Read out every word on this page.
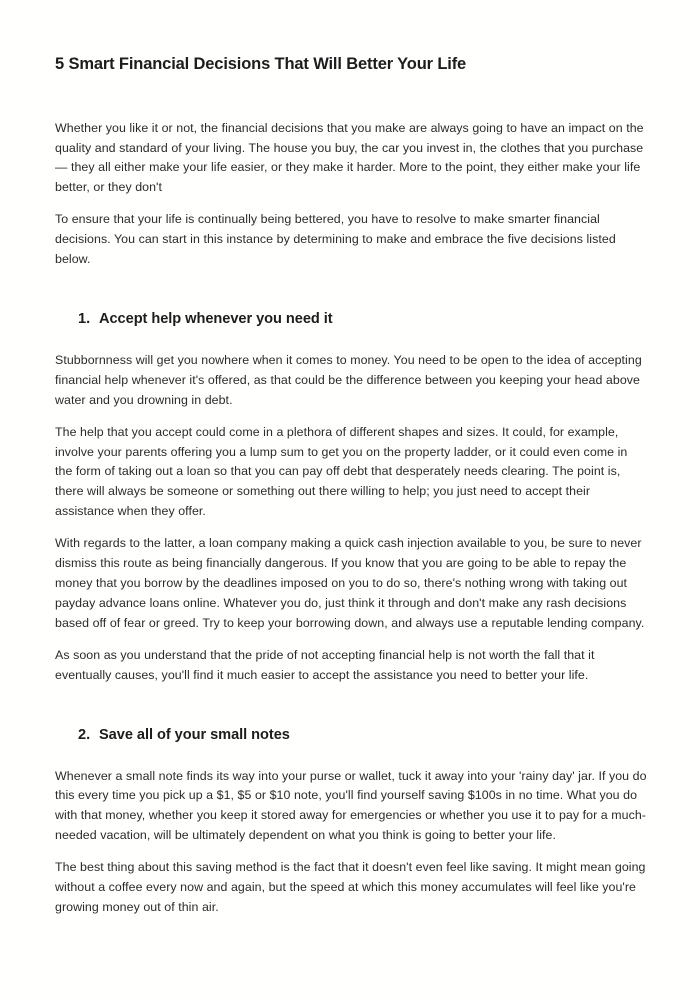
5 Smart Financial Decisions That Will Better Your Life

Whether you like it or not, the financial decisions that you make are always going to have an impact on the quality and standard of your living. The house you buy, the car you invest in, the clothes that you purchase — they all either make your life easier, or they make it harder. More to the point, they either make your life better, or they don't

To ensure that your life is continually being bettered, you have to resolve to make smarter financial decisions. You can start in this instance by determining to make and embrace the five decisions listed below.

1. Accept help whenever you need it

Stubbornness will get you nowhere when it comes to money. You need to be open to the idea of accepting financial help whenever it's offered, as that could be the difference between you keeping your head above water and you drowning in debt.

The help that you accept could come in a plethora of different shapes and sizes. It could, for example, involve your parents offering you a lump sum to get you on the property ladder, or it could even come in the form of taking out a loan so that you can pay off debt that desperately needs clearing. The point is, there will always be someone or something out there willing to help; you just need to accept their assistance when they offer.

With regards to the latter, a loan company making a quick cash injection available to you, be sure to never dismiss this route as being financially dangerous. If you know that you are going to be able to repay the money that you borrow by the deadlines imposed on you to do so, there's nothing wrong with taking out payday advance loans online. Whatever you do, just think it through and don't make any rash decisions based off of fear or greed. Try to keep your borrowing down, and always use a reputable lending company.

As soon as you understand that the pride of not accepting financial help is not worth the fall that it eventually causes, you'll find it much easier to accept the assistance you need to better your life.

2. Save all of your small notes

Whenever a small note finds its way into your purse or wallet, tuck it away into your 'rainy day' jar. If you do this every time you pick up a $1, $5 or $10 note, you'll find yourself saving $100s in no time. What you do with that money, whether you keep it stored away for emergencies or whether you use it to pay for a much-needed vacation, will be ultimately dependent on what you think is going to better your life.

The best thing about this saving method is the fact that it doesn't even feel like saving. It might mean going without a coffee every now and again, but the speed at which this money accumulates will feel like you're growing money out of thin air.
